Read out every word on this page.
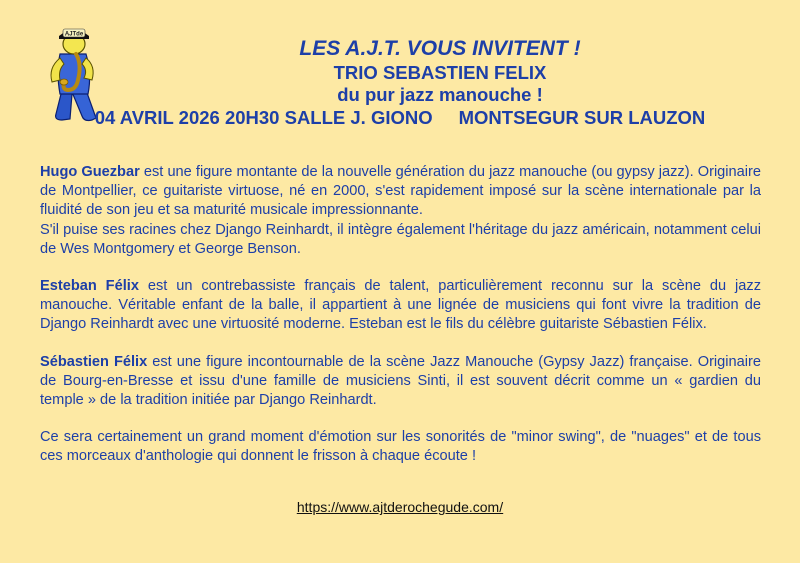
AJTde
LES A.J.T. VOUS INVITENT !
TRIO SEBASTIEN FELIX
du pur jazz manouche !
04 AVRIL 2026 20H30 SALLE J. GIONO MONTSEGUR SUR LAUZON

Hugo Guezbar est une figure montante de la nouvelle génération du jazz manouche (ou gypsy jazz). Originaire de Montpellier, ce guitariste virtuose, né en 2000, s'est rapidement imposé sur la scène internationale par la fluidité de son jeu et sa maturité musicale impressionnante.
S'il puise ses racines chez Django Reinhardt, il intègre également l'héritage du jazz américain, notamment celui de Wes Montgomery et George Benson.

Esteban Félix est un contrebassiste français de talent, particulièrement reconnu sur la scène du jazz manouche. Véritable enfant de la balle, il appartient à une lignée de musiciens qui font vivre la tradition de Django Reinhardt avec une virtuosité moderne. Esteban est le fils du célèbre guitariste Sébastien Félix.

Sébastien Félix est une figure incontournable de la scène Jazz Manouche (Gypsy Jazz) française. Originaire de Bourg-en-Bresse et issu d'une famille de musiciens Sinti, il est souvent décrit comme un « gardien du temple » de la tradition initiée par Django Reinhardt.

Ce sera certainement un grand moment d'émotion sur les sonorités de "minor swing", de "nuages" et de tous ces morceaux d'anthologie qui donnent le frisson à chaque écoute !

https://www.ajtderochegude.com/
